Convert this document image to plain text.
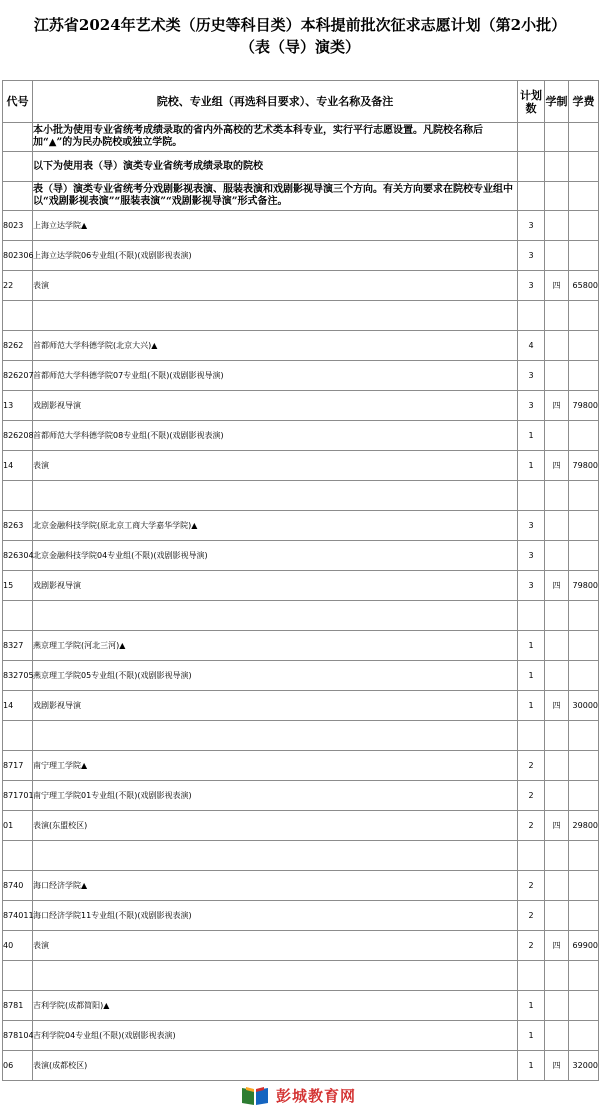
江苏省2024年艺术类（历史等科目类）本科提前批次征求志愿计划（第2小批）
（表（导）演类）
代号	院校、专业组（再选科目要求）、专业名称及备注	计划数	学制	学费
	本小批为使用专业省统考成绩录取的省内外高校的艺术类本科专业，实行平行志愿设置。凡院校名称后加“▲”的为民办院校或独立学院。			
	以下为使用表（导）演类专业省统考成绩录取的院校			
	表（导）演类专业省统考分戏剧影视表演、服装表演和戏剧影视导演三个方向。有关方向要求在院校专业组中以“戏剧影视表演”“服装表演”“戏剧影视导演”形式备注。			
8023	上海立达学院▲	3		
802306	上海立达学院06专业组(不限)(戏剧影视表演)	3		
22	表演	3	四	65800

8262	首都师范大学科德学院(北京大兴)▲	4		
826207	首都师范大学科德学院07专业组(不限)(戏剧影视导演)	3		
13	戏剧影视导演	3	四	79800
826208	首都师范大学科德学院08专业组(不限)(戏剧影视表演)	1		
14	表演	1	四	79800

8263	北京金融科技学院(原北京工商大学嘉华学院)▲	3		
826304	北京金融科技学院04专业组(不限)(戏剧影视导演)	3		
15	戏剧影视导演	3	四	79800

8327	燕京理工学院(河北三河)▲	1		
832705	燕京理工学院05专业组(不限)(戏剧影视导演)	1		
14	戏剧影视导演	1	四	30000

8717	南宁理工学院▲	2		
871701	南宁理工学院01专业组(不限)(戏剧影视表演)	2		
01	表演(东盟校区)	2	四	29800

8740	海口经济学院▲	2		
874011	海口经济学院11专业组(不限)(戏剧影视表演)	2		
40	表演	2	四	69900

8781	吉利学院(成都简阳)▲	1		
878104	吉利学院04专业组(不限)(戏剧影视表演)	1		
06	表演(成都校区)	1	四	32000
彭城教育网
